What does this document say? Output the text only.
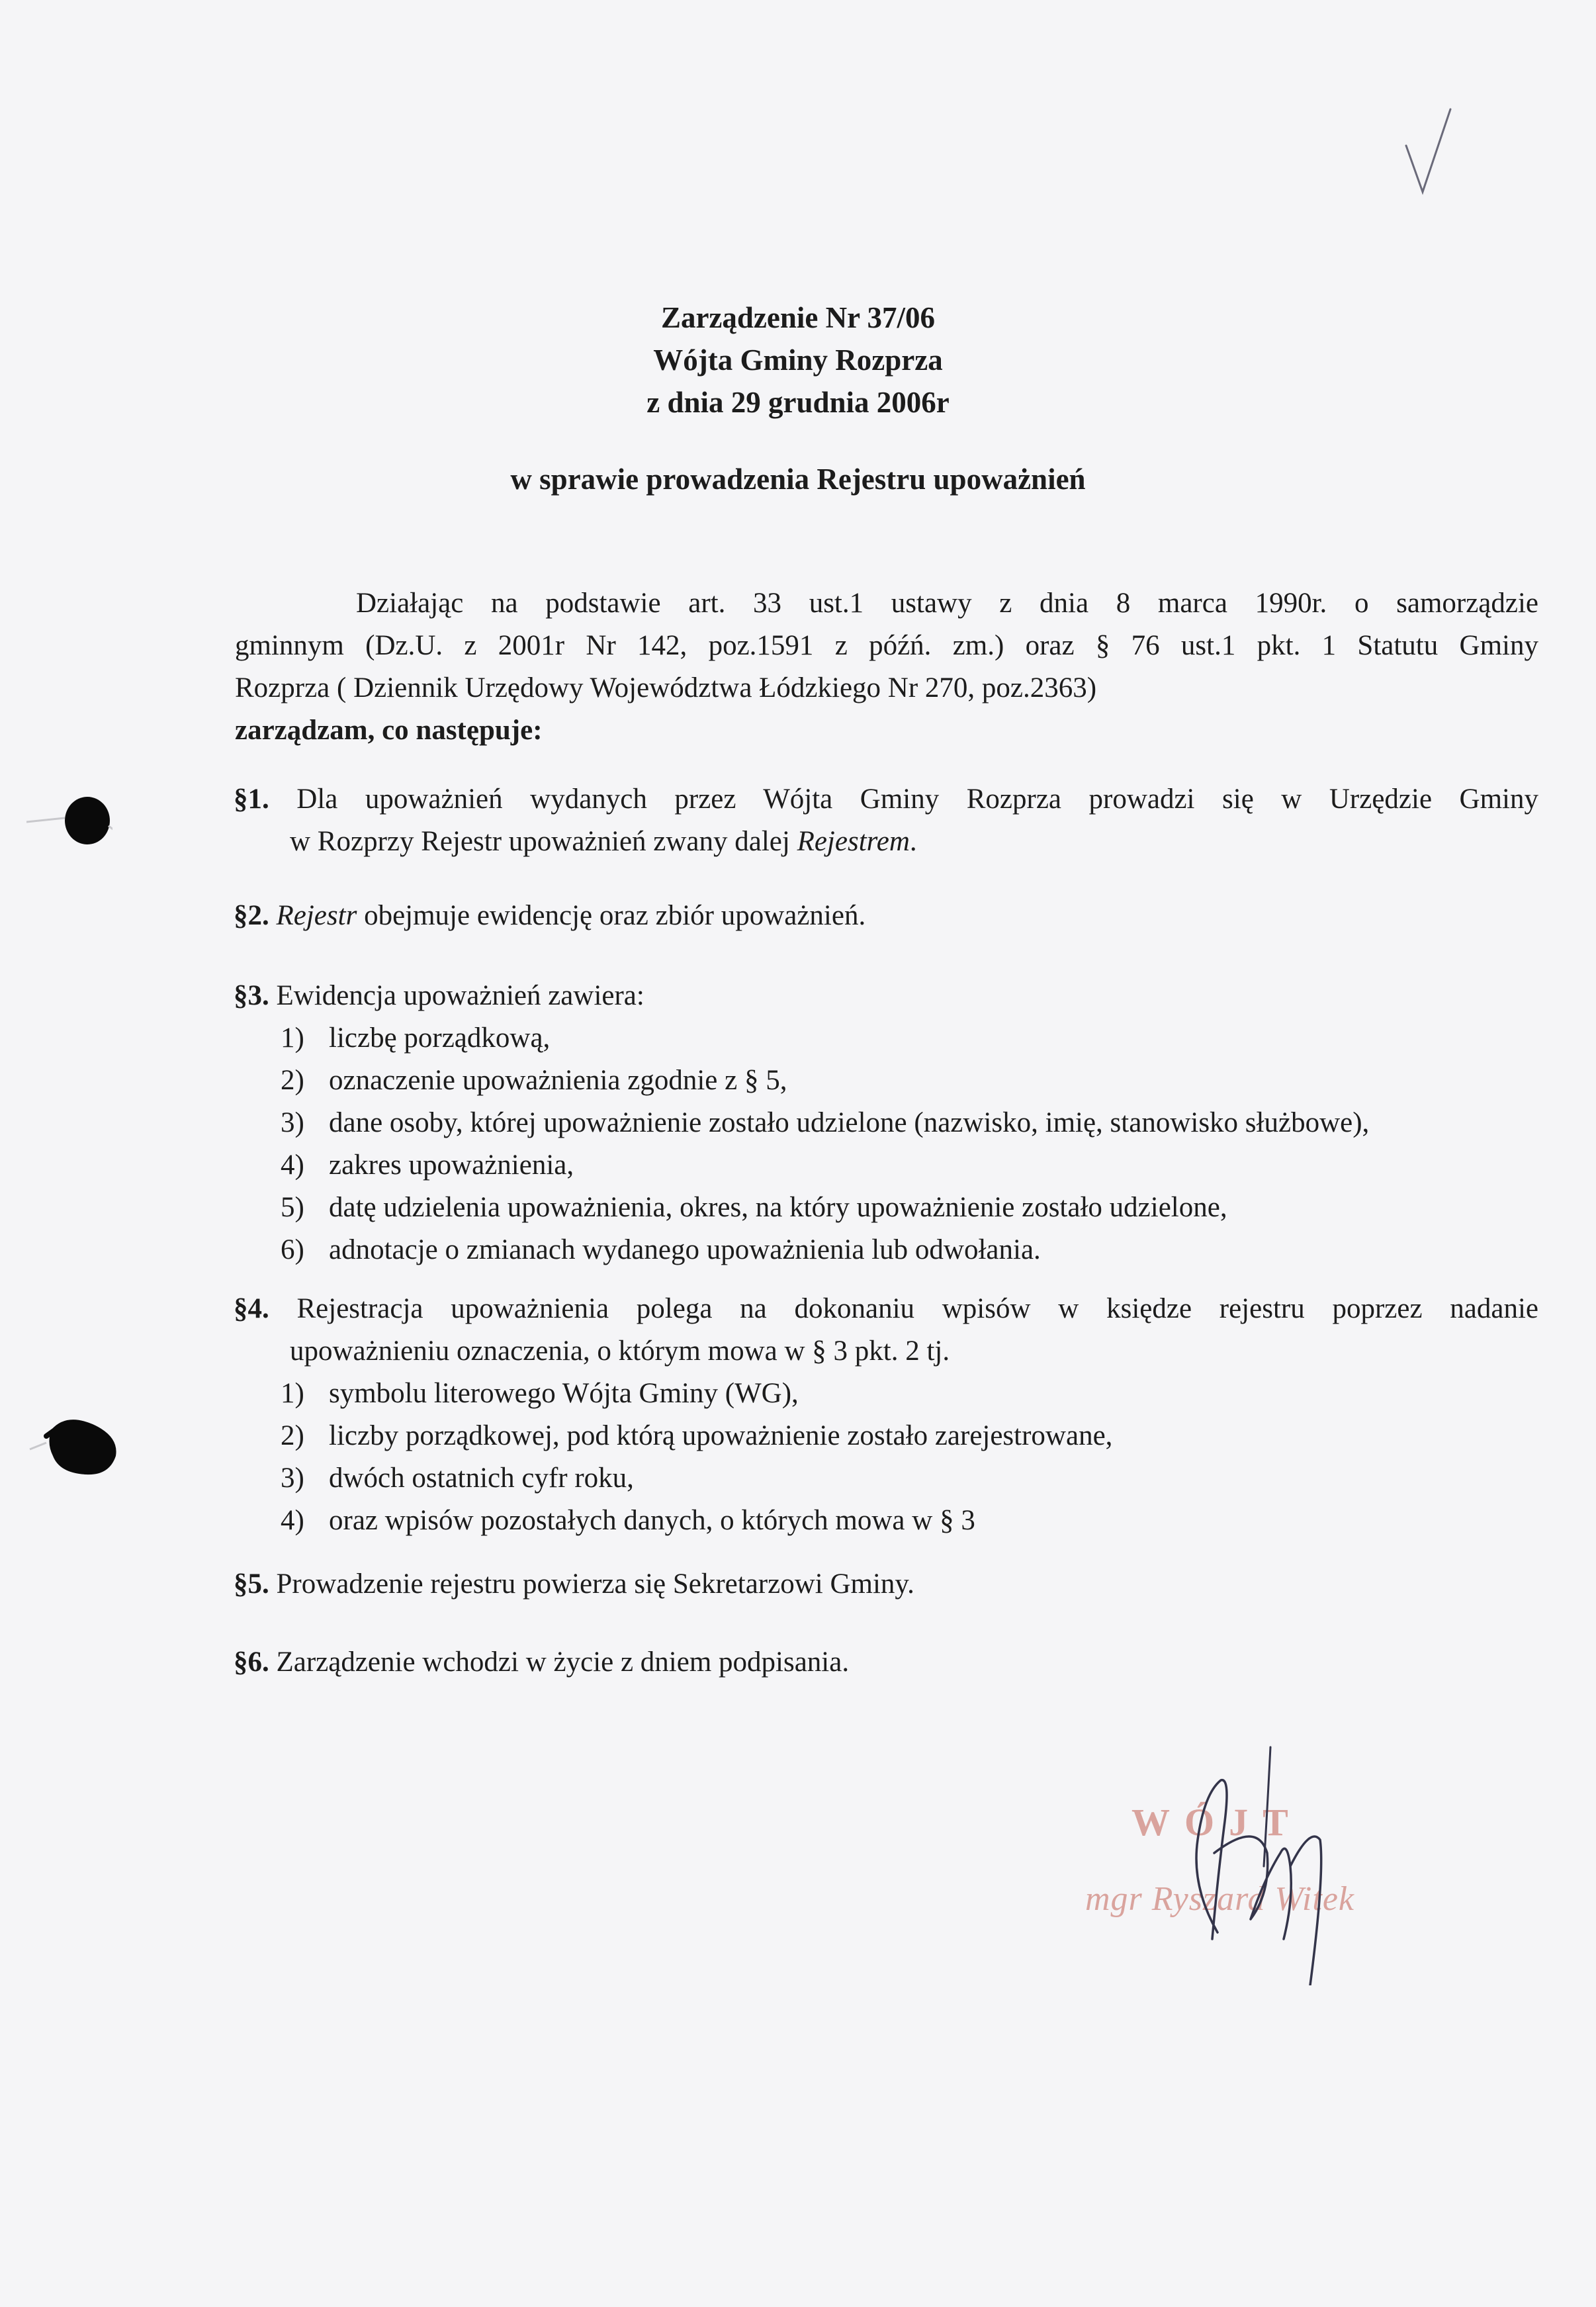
Zarządzenie Nr 37/06
Wójta Gminy Rozprza
z dnia 29 grudnia 2006r
w sprawie prowadzenia Rejestru upoważnień
Działając na podstawie art. 33 ust.1 ustawy z dnia 8 marca 1990r. o samorządzie
gminnym (Dz.U. z 2001r Nr 142, poz.1591 z późń. zm.) oraz § 76 ust.1 pkt. 1 Statutu Gminy
Rozprza ( Dziennik Urzędowy Województwa Łódzkiego Nr 270, poz.2363)
zarządzam, co następuje:
§1. Dla upoważnień wydanych przez Wójta Gminy Rozprza prowadzi się w Urzędzie Gminy
w Rozprzy Rejestr upoważnień zwany dalej Rejestrem.
§2. Rejestr obejmuje ewidencję oraz zbiór upoważnień.
§3. Ewidencja upoważnień zawiera:
1) liczbę porządkową,
2) oznaczenie upoważnienia zgodnie z § 5,
3) dane osoby, której upoważnienie zostało udzielone (nazwisko, imię, stanowisko służbowe),
4) zakres upoważnienia,
5) datę udzielenia upoważnienia, okres, na który upoważnienie zostało udzielone,
6) adnotacje o zmianach wydanego upoważnienia lub odwołania.
§4. Rejestracja upoważnienia polega na dokonaniu wpisów w księdze rejestru poprzez nadanie
upoważnieniu oznaczenia, o którym mowa w § 3 pkt. 2 tj.
1) symbolu literowego Wójta Gminy (WG),
2) liczby porządkowej, pod którą upoważnienie zostało zarejestrowane,
3) dwóch ostatnich cyfr roku,
4) oraz wpisów pozostałych danych, o których mowa w § 3
§5. Prowadzenie rejestru powierza się Sekretarzowi Gminy.
§6. Zarządzenie wchodzi w życie z dniem podpisania.
WÓJT
mgr Ryszard Witek
